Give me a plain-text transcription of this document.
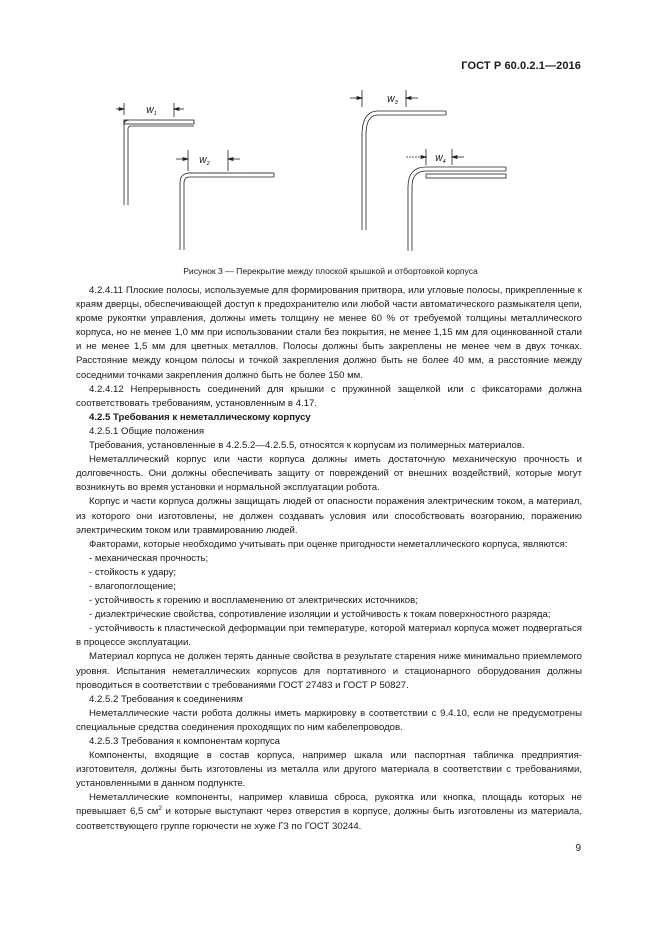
ГОСТ Р 60.0.2.1—2016
W1
W2
W3
W4
Рисунок 3 — Перекрытие между плоской крышкой и отбортовкой корпуса

4.2.4.11 Плоские полосы, используемые для формирования притвора, или угловые полосы, прикрепленные к краям дверцы, обеспечивающей доступ к предохранителю или любой части автоматического размыкателя цепи, кроме рукоятки управления, должны иметь толщину не менее 60 % от требуемой толщины металлического корпуса, но не менее 1,0 мм при использовании стали без покрытия, не менее 1,15 мм для оцинкованной стали и не менее 1,5 мм для цветных металлов. Полосы должны быть закреплены не менее чем в двух точках. Расстояние между концом полосы и точкой закрепления должно быть не более 40 мм, а расстояние между соседними точками закрепления должно быть не более 150 мм.

4.2.4.12 Непрерывность соединений для крышки с пружинной защелкой или с фиксаторами должна соответствовать требованиям, установленным в 4.17.

4.2.5 Требования к неметаллическому корпусу

4.2.5.1 Общие положения

Требования, установленные в 4.2.5.2—4.2.5.5, относятся к корпусам из полимерных материалов.

Неметаллический корпус или части корпуса должны иметь достаточную механическую прочность и долговечность. Они должны обеспечивать защиту от повреждений от внешних воздействий, которые могут возникнуть во время установки и нормальной эксплуатации робота.

Корпус и части корпуса должны защищать людей от опасности поражения электрическим током, а материал, из которого они изготовлены, не должен создавать условия или способствовать возгоранию, поражению электрическим током или травмированию людей.

Факторами, которые необходимо учитывать при оценке пригодности неметаллического корпуса, являются:

- механическая прочность;

- стойкость к удару;

- влагопоглощение;

- устойчивость к горению и воспламенению от электрических источников;

- диэлектрические свойства, сопротивление изоляции и устойчивость к токам поверхностного разряда;

- устойчивость к пластической деформации при температуре, которой материал корпуса может подвергаться в процессе эксплуатации.

Материал корпуса не должен терять данные свойства в результате старения ниже минимально приемлемого уровня. Испытания неметаллических корпусов для портативного и стационарного оборудования должны проводиться в соответствии с требованиями ГОСТ 27483 и ГОСТ Р 50827.

4.2.5.2 Требования к соединениям

Неметаллические части робота должны иметь маркировку в соответствии с 9.4.10, если не предусмотрены специальные средства соединения проходящих по ним кабелепроводов.

4.2.5.3 Требования к компонентам корпуса

Компоненты, входящие в состав корпуса, например шкала или паспортная табличка предприятия-изготовителя, должны быть изготовлены из металла или другого материала в соответствии с требованиями, установленными в данном подпункте.

Неметаллические компоненты, например клавиша сброса, рукоятка или кнопка, площадь которых не превышает 6,5 $см^2$ и которые выступают через отверстия в корпусе, должны быть изготовлены из материала, соответствующего группе горючести не хуже Г3 по ГОСТ 30244.

9
